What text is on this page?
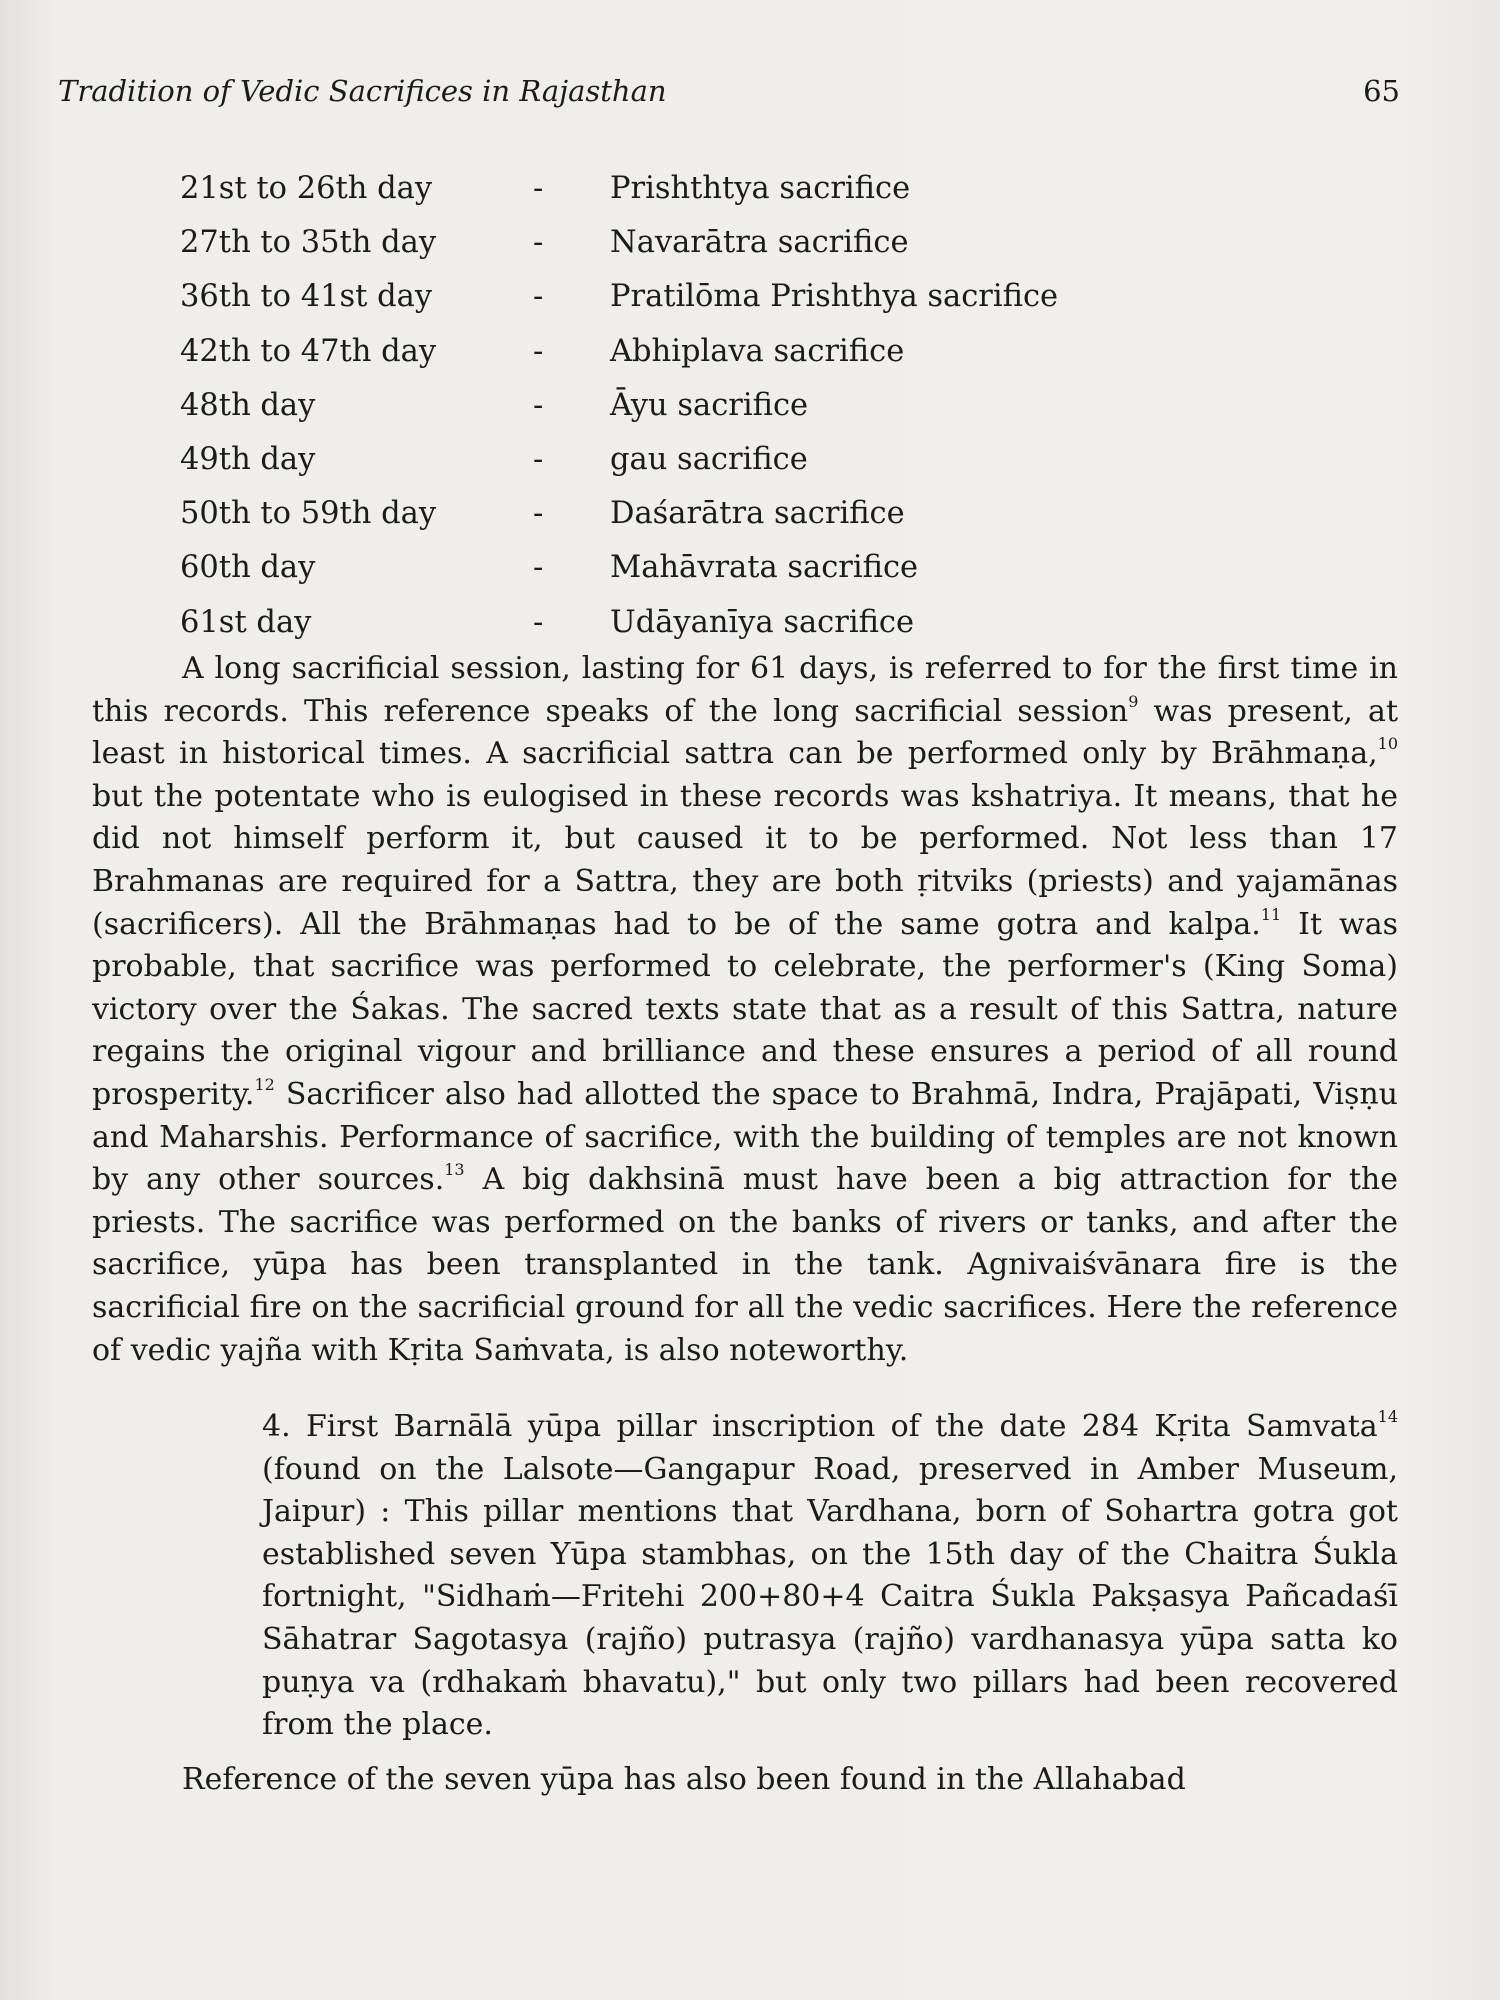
Tradition of Vedic Sacrifices in Rajasthan	65
21st to 26th day	- Prishthtya sacrifice
27th to 35th day	- Navarātra sacrifice
36th to 41st day	- Pratilōma Prishthya sacrifice
42th to 47th day	- Abhiplava sacrifice
48th day	- Āyu sacrifice
49th day	- gau sacrifice
50th to 59th day	- Daśarātra sacrifice
60th day	- Mahāvrata sacrifice
61st day	- Udāyanīya sacrifice

A long sacrificial session, lasting for 61 days, is referred to for the first time in this records. This reference speaks of the long sacrificial session$^9$ was present, at least in historical times. A sacrificial sattra can be performed only by Brāhmaṇa,$^{10}$ but the potentate who is eulogised in these records was kshatriya. It means, that he did not himself perform it, but caused it to be performed. Not less than 17 Brahmanas are required for a Sattra, they are both ṛitviks (priests) and yajamānas (sacrificers). All the Brāhmaṇas had to be of the same gotra and kalpa.$^{11}$ It was probable, that sacrifice was performed to celebrate, the performer's (King Soma) victory over the Śakas. The sacred texts state that as a result of this Sattra, nature regains the original vigour and brilliance and these ensures a period of all round prosperity.$^{12}$ Sacrificer also had allotted the space to Brahmā, Indra, Prajāpati, Viṣṇu and Maharshis. Performance of sacrifice, with the building of temples are not known by any other sources.$^{13}$ A big dakhsinā must have been a big attraction for the priests. The sacrifice was performed on the banks of rivers or tanks, and after the sacrifice, yūpa has been transplanted in the tank. Agnivaiśvānara fire is the sacrificial fire on the sacrificial ground for all the vedic sacrifices. Here the reference of vedic yajña with Kṛita Saṁvata, is also noteworthy.

4. First Barnālā yūpa pillar inscription of the date 284 Kṛita Samvata$^{14}$ (found on the Lalsote—Gangapur Road, preserved in Amber Museum, Jaipur) : This pillar mentions that Vardhana, born of Sohartra gotra got established seven Yūpa stambhas, on the 15th day of the Chaitra Śukla fortnight, "Sidhaṁ—Fritehi 200+80+4 Caitra Śukla Pakṣasya Pañcadaśī Sāhatrar Sagotasya (rajño) putrasya (rajño) vardhanasya yūpa satta ko puṇya va (rdhakaṁ bhavatu)," but only two pillars had been recovered from the place.

Reference of the seven yūpa has also been found in the Allahabad
